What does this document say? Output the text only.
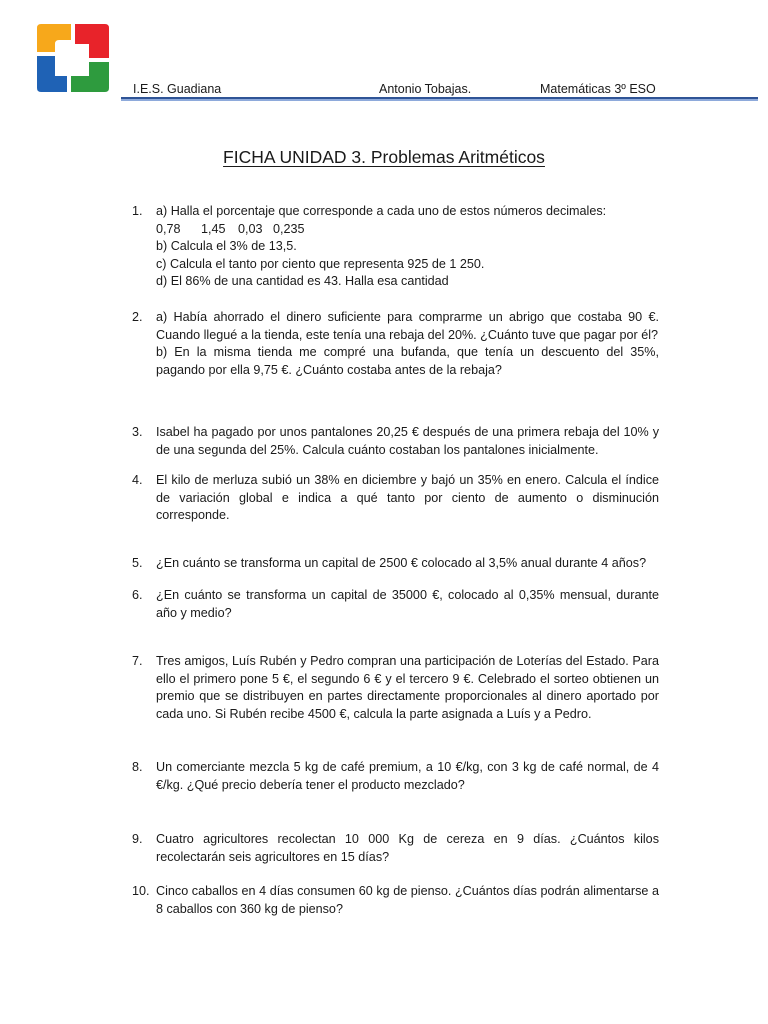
I.E.S. Guadiana	Antonio Tobajas.	Matemáticas 3º ESO
FICHA UNIDAD 3. Problemas Aritméticos
1. a) Halla el porcentaje que corresponde a cada uno de estos números decimales:

0,78 1,45 0,03 0,235

b) Calcula el 3% de 13,5.

c) Calcula el tanto por ciento que representa 925 de 1 250.

d) El 86% de una cantidad es 43. Halla esa cantidad

2. a) Había ahorrado el dinero suficiente para comprarme un abrigo que costaba 90 €. Cuando llegué a la tienda, este tenía una rebaja del 20%. ¿Cuánto tuve que pagar por él?

b) En la misma tienda me compré una bufanda, que tenía un descuento del 35%, pagando por ella 9,75 €. ¿Cuánto costaba antes de la rebaja?

3. Isabel ha pagado por unos pantalones 20,25 € después de una primera rebaja del 10% y de una segunda del 25%. Calcula cuánto costaban los pantalones inicialmente.

4. El kilo de merluza subió un 38% en diciembre y bajó un 35% en enero. Calcula el índice de variación global e indica a qué tanto por ciento de aumento o disminución corresponde.

5. ¿En cuánto se transforma un capital de 2500 € colocado al 3,5% anual durante 4 años?

6. ¿En cuánto se transforma un capital de 35000 €, colocado al 0,35% mensual, durante año y medio?

7. Tres amigos, Luís Rubén y Pedro compran una participación de Loterías del Estado. Para ello el primero pone 5 €, el segundo 6 € y el tercero 9 €. Celebrado el sorteo obtienen un premio que se distribuyen en partes directamente proporcionales al dinero aportado por cada uno. Si Rubén recibe 4500 €, calcula la parte asignada a Luís y a Pedro.

8. Un comerciante mezcla 5 kg de café premium, a 10 €/kg, con 3 kg de café normal, de 4 €/kg. ¿Qué precio debería tener el producto mezclado?

9. Cuatro agricultores recolectan 10 000 Kg de cereza en 9 días. ¿Cuántos kilos recolectarán seis agricultores en 15 días?

10. Cinco caballos en 4 días consumen 60 kg de pienso. ¿Cuántos días podrán alimentarse a 8 caballos con 360 kg de pienso?
